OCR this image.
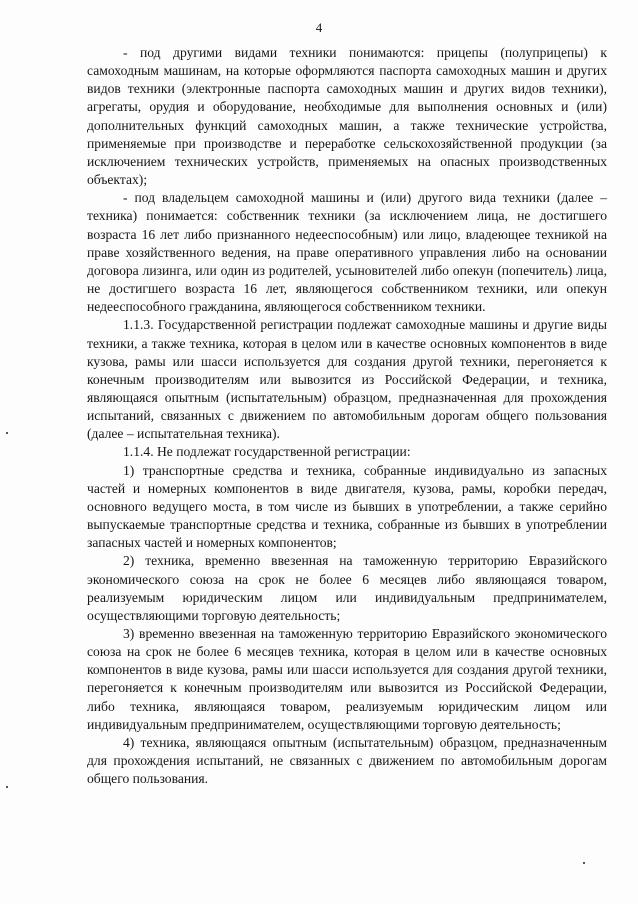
4

- под другими видами техники понимаются: прицепы (полуприцепы) к самоходным машинам, на которые оформляются паспорта самоходных машин и других видов техники (электронные паспорта самоходных машин и других видов техники), агрегаты, орудия и оборудование, необходимые для выполнения основных и (или) дополнительных функций самоходных машин, а также технические устройства, применяемые при производстве и переработке сельскохозяйственной продукции (за исключением технических устройств, применяемых на опасных производственных объектах);

- под владельцем самоходной машины и (или) другого вида техники (далее – техника) понимается: собственник техники (за исключением лица, не достигшего возраста 16 лет либо признанного недееспособным) или лицо, владеющее техникой на праве хозяйственного ведения, на праве оперативного управления либо на основании договора лизинга, или один из родителей, усыновителей либо опекун (попечитель) лица, не достигшего возраста 16 лет, являющегося собственником техники, или опекун недееспособного гражданина, являющегося собственником техники.

1.1.3. Государственной регистрации подлежат самоходные машины и другие виды техники, а также техника, которая в целом или в качестве основных компонентов в виде кузова, рамы или шасси используется для создания другой техники, перегоняется к конечным производителям или вывозится из Российской Федерации, и техника, являющаяся опытным (испытательным) образцом, предназначенная для прохождения испытаний, связанных с движением по автомобильным дорогам общего пользования (далее – испытательная техника).

1.1.4. Не подлежат государственной регистрации:

1) транспортные средства и техника, собранные индивидуально из запасных частей и номерных компонентов в виде двигателя, кузова, рамы, коробки передач, основного ведущего моста, в том числе из бывших в употреблении, а также серийно выпускаемые транспортные средства и техника, собранные из бывших в употреблении запасных частей и номерных компонентов;

2) техника, временно ввезенная на таможенную территорию Евразийского экономического союза на срок не более 6 месяцев либо являющаяся товаром, реализуемым юридическим лицом или индивидуальным предпринимателем, осуществляющими торговую деятельность;

3) временно ввезенная на таможенную территорию Евразийского экономического союза на срок не более 6 месяцев техника, которая в целом или в качестве основных компонентов в виде кузова, рамы или шасси используется для создания другой техники, перегоняется к конечным производителям или вывозится из Российской Федерации, либо техника, являющаяся товаром, реализуемым юридическим лицом или индивидуальным предпринимателем, осуществляющими торговую деятельность;

4) техника, являющаяся опытным (испытательным) образцом, предназначенным для прохождения испытаний, не связанных с движением по автомобильным дорогам общего пользования.
